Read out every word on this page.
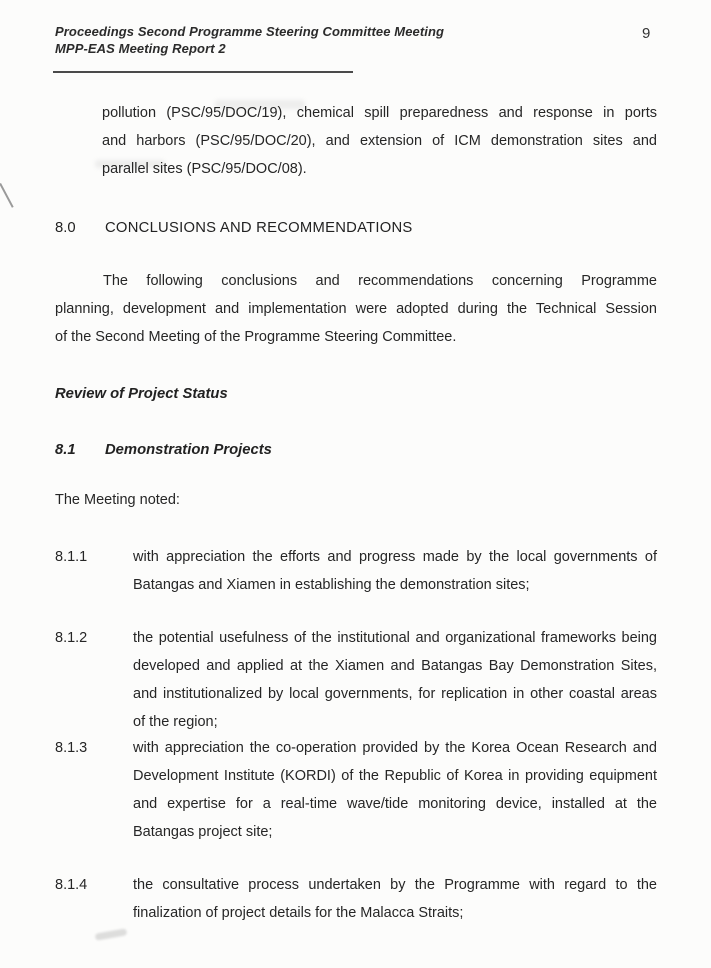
Proceedings Second Programme Steering Committee Meeting
MPP-EAS Meeting Report 2
9
pollution (PSC/95/DOC/19), chemical spill preparedness and response in ports
and harbors (PSC/95/DOC/20), and extension of ICM demonstration sites and
parallel sites (PSC/95/DOC/08).
8.0 CONCLUSIONS AND RECOMMENDATIONS
The following conclusions and recommendations concerning Programme
planning, development and implementation were adopted during the Technical Session
of the Second Meeting of the Programme Steering Committee.
Review of Project Status
8.1 Demonstration Projects
The Meeting noted:
8.1.1	with appreciation the efforts and progress made by the local governments of
Batangas and Xiamen in establishing the demonstration sites;
8.1.2	the potential usefulness of the institutional and organizational frameworks being
developed and applied at the Xiamen and Batangas Bay Demonstration Sites,
and institutionalized by local governments, for replication in other coastal areas
of the region;
8.1.3	with appreciation the co-operation provided by the Korea Ocean Research and
Development Institute (KORDI) of the Republic of Korea in providing equipment
and expertise for a real-time wave/tide monitoring device, installed at the
Batangas project site;
8.1.4	the consultative process undertaken by the Programme with regard to the
finalization of project details for the Malacca Straits;
